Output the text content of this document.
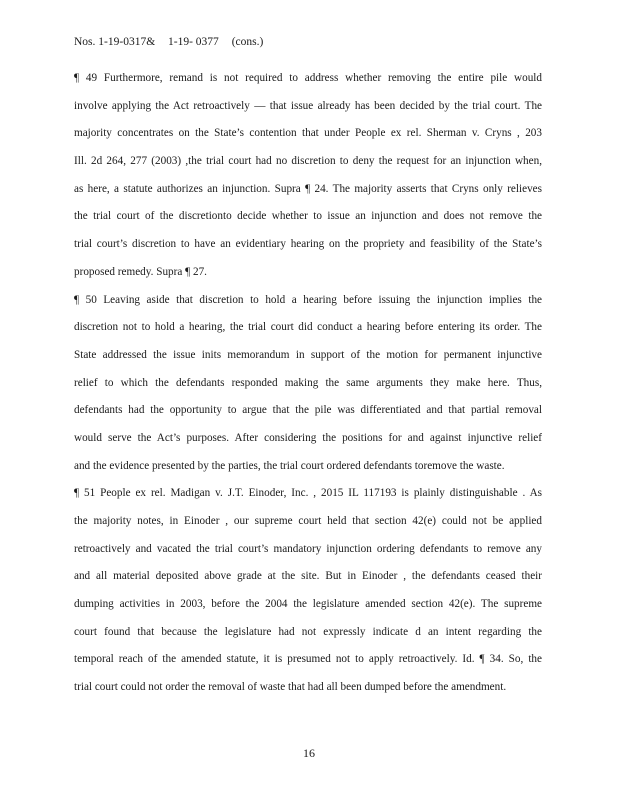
Nos. 1-19-0317& 1-19- 0377 (cons.)
¶ 49 Furthermore, remand is not required to address whether removing the entire pile would
involve applying the Act retroactively — that issue already has been decided by the trial court. The
majority concentrates on the State’s contention that under People ex rel. Sherman v. Cryns , 203
Ill. 2d 264, 277 (2003) ,the trial court had no discretion to deny the request for an injunction when,
as here, a statute authorizes an injunction. Supra ¶ 24. The majority asserts that Cryns only relieves
the trial court of the discretionto decide whether to issue an injunction and does not remove the
trial court’s discretion to have an evidentiary hearing on the propriety and feasibility of the State’s
proposed remedy. Supra ¶ 27.
¶ 50 Leaving aside that discretion to hold a hearing before issuing the injunction implies the
discretion not to hold a hearing, the trial court did conduct a hearing before entering its order. The
State addressed the issue inits memorandum in support of the motion for permanent injunctive
relief to which the defendants responded making the same arguments they make here. Thus,
defendants had the opportunity to argue that the pile was differentiated and that partial removal
would serve the Act’s purposes. After considering the positions for and against injunctive relief
and the evidence presented by the parties, the trial court ordered defendants toremove the waste.
¶ 51 People ex rel. Madigan v. J.T. Einoder, Inc. , 2015 IL 117193 is plainly distinguishable . As
the majority notes, in Einoder , our supreme court held that section 42(e) could not be applied
retroactively and vacated the trial court’s mandatory injunction ordering defendants to remove any
and all material deposited above grade at the site. But in Einoder , the defendants ceased their
dumping activities in 2003, before the 2004 the legislature amended section 42(e). The supreme
court found that because the legislature had not expressly indicate d an intent regarding the
temporal reach of the amended statute, it is presumed not to apply retroactively. Id. ¶ 34. So, the
trial court could not order the removal of waste that had all been dumped before the amendment.
16
